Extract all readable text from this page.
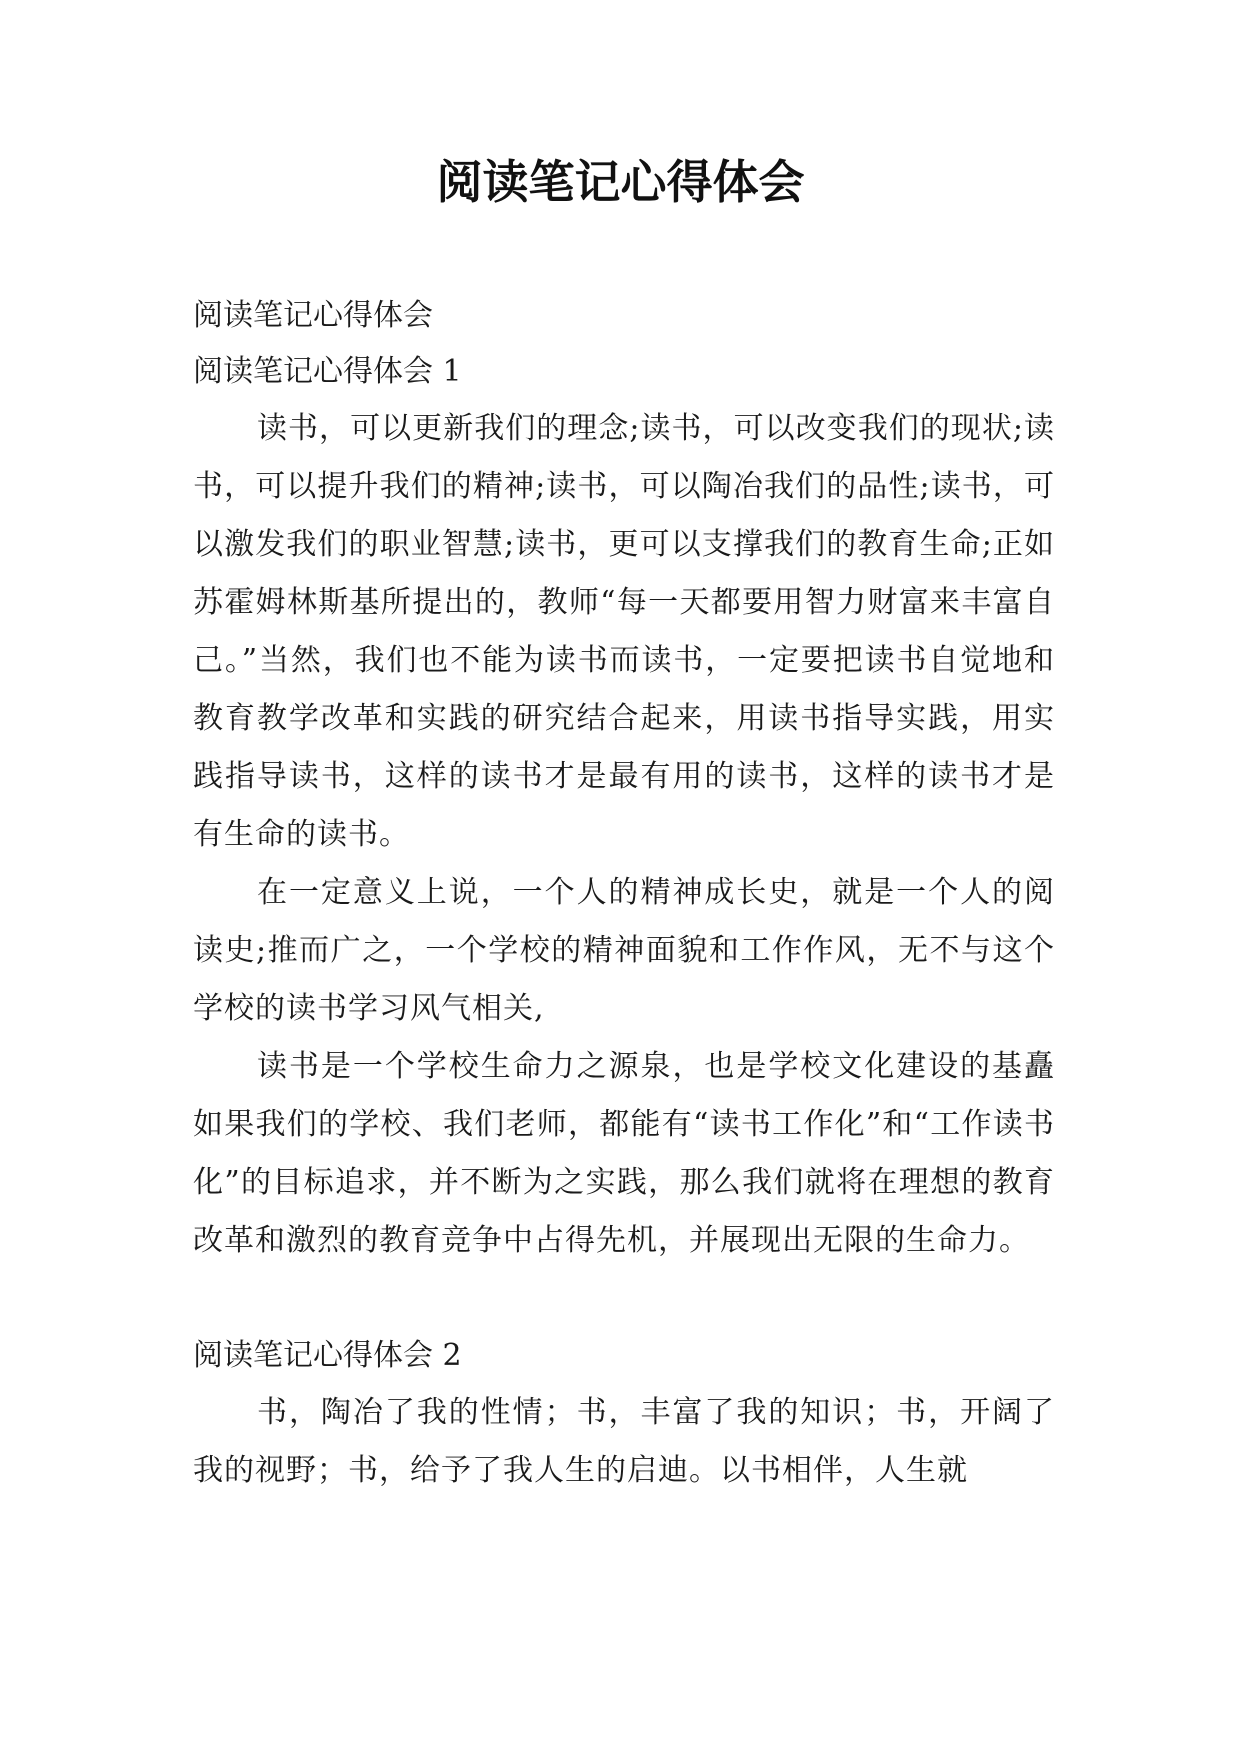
阅读笔记心得体会

阅读笔记心得体会

阅读笔记心得体会 1

读书，可以更新我们的理念;读书，可以改变我们的现状;读书，可以提升我们的精神;读书，可以陶冶我们的品性;读书，可以激发我们的职业智慧;读书，更可以支撑我们的教育生命;正如苏霍姆林斯基所提出的，教师“每一天都要用智力财富来丰富自己。”当然，我们也不能为读书而读书，一定要把读书自觉地和教育教学改革和实践的研究结合起来，用读书指导实践，用实践指导读书，这样的读书才是最有用的读书，这样的读书才是有生命的读书。

在一定意义上说，一个人的精神成长史，就是一个人的阅读史;推而广之，一个学校的精神面貌和工作作风，无不与这个学校的读书学习风气相关,

读书是一个学校生命力之源泉，也是学校文化建设的基矗如果我们的学校、我们老师，都能有“读书工作化”和“工作读书化”的目标追求，并不断为之实践，那么我们就将在理想的教育改革和激烈的教育竞争中占得先机，并展现出无限的生命力。

阅读笔记心得体会 2

书，陶冶了我的性情；书，丰富了我的知识；书，开阔了我的视野；书，给予了我人生的启迪。以书相伴，人生就
